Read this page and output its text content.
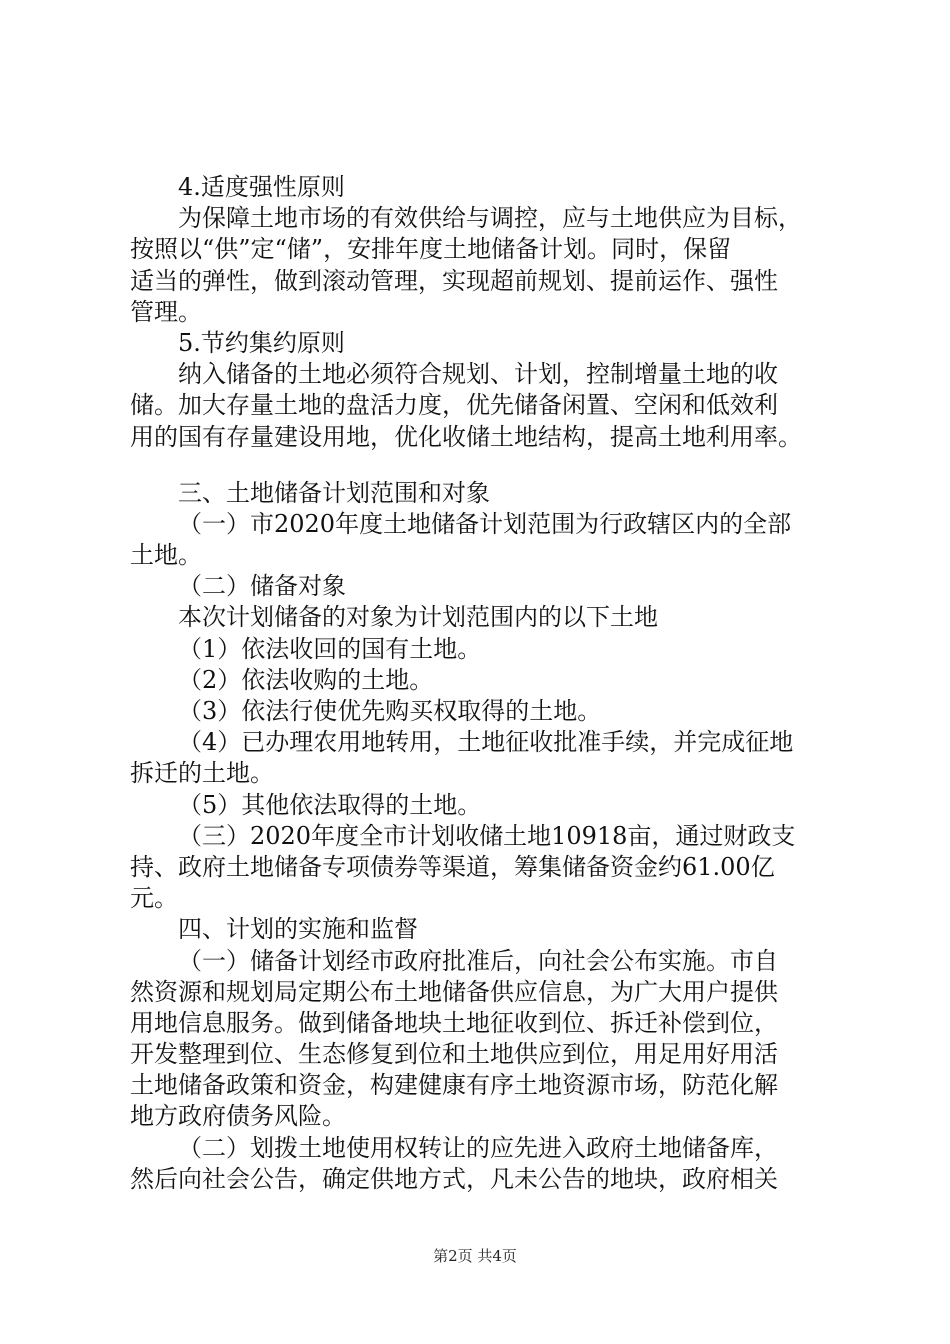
4.适度强性原则
为保障土地市场的有效供给与调控，应与土地供应为目标，
按照以“供”定“储”，安排年度土地储备计划。同时，保留
适当的弹性，做到滚动管理，实现超前规划、提前运作、强性
管理。
5.节约集约原则
纳入储备的土地必须符合规划、计划，控制增量土地的收
储。加大存量土地的盘活力度，优先储备闲置、空闲和低效利
用的国有存量建设用地，优化收储土地结构，提高土地利用率。
三、土地储备计划范围和对象
（一）市2020年度土地储备计划范围为行政辖区内的全部
土地。
（二）储备对象
本次计划储备的对象为计划范围内的以下土地
（1）依法收回的国有土地。
（2）依法收购的土地。
（3）依法行使优先购买权取得的土地。
（4）已办理农用地转用，土地征收批准手续，并完成征地
拆迁的土地。
（5）其他依法取得的土地。
（三）2020年度全市计划收储土地10918亩，通过财政支
持、政府土地储备专项债券等渠道，筹集储备资金约61.00亿
元。
四、计划的实施和监督
（一）储备计划经市政府批准后，向社会公布实施。市自
然资源和规划局定期公布土地储备供应信息，为广大用户提供
用地信息服务。做到储备地块土地征收到位、拆迁补偿到位，
开发整理到位、生态修复到位和土地供应到位，用足用好用活
土地储备政策和资金，构建健康有序土地资源市场，防范化解
地方政府债务风险。
（二）划拨土地使用权转让的应先进入政府土地储备库，
然后向社会公告，确定供地方式，凡未公告的地块，政府相关
第2页 共4页
